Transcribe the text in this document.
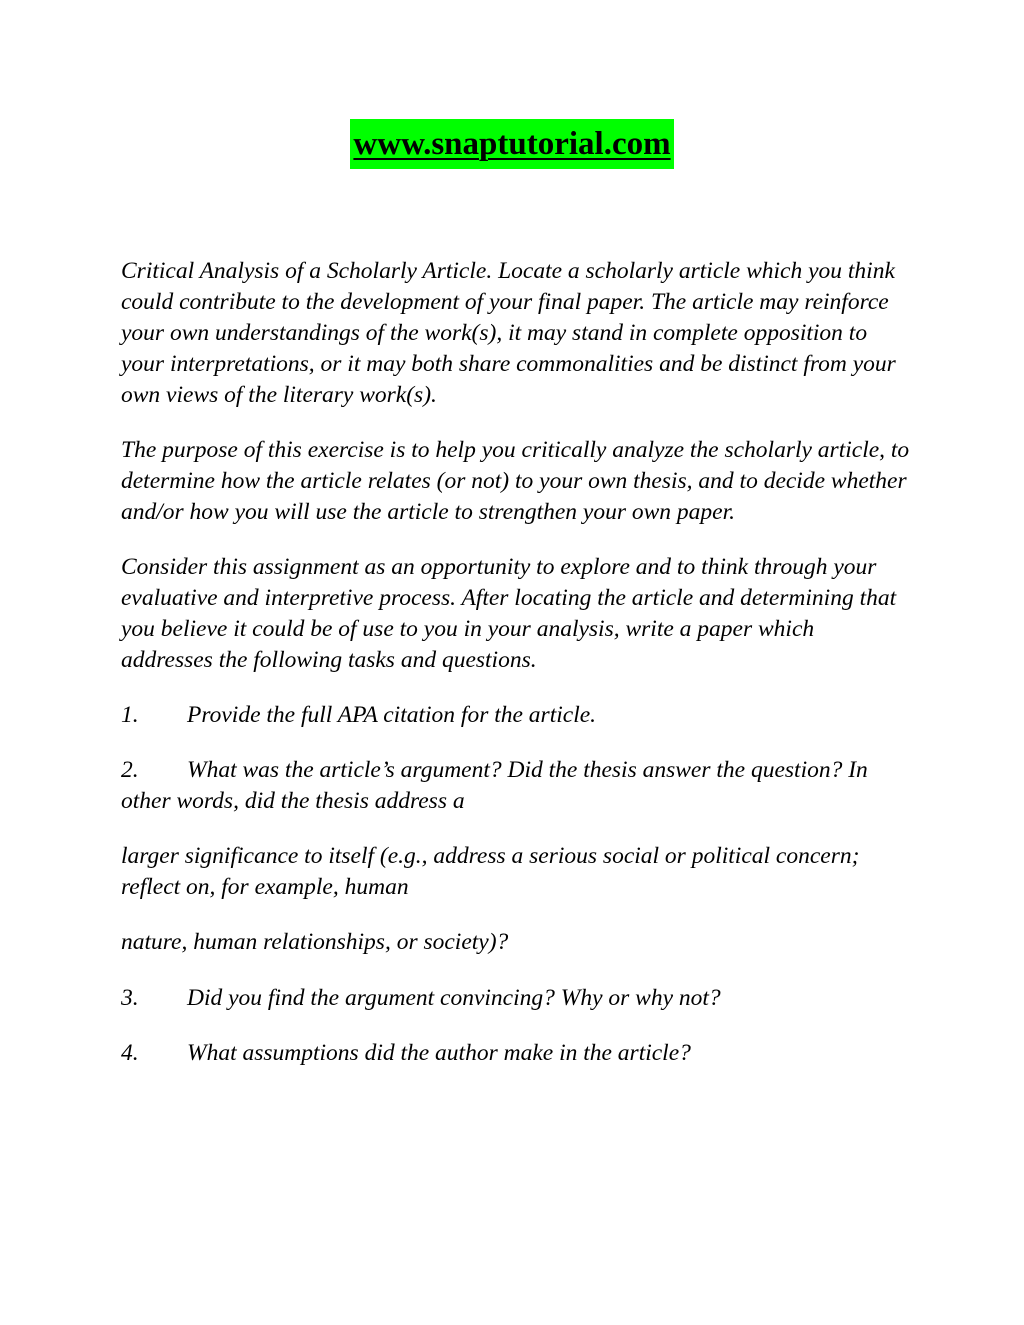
www.snaptutorial.com

Critical Analysis of a Scholarly Article. Locate a scholarly article which you think could contribute to the development of your final paper. The article may reinforce your own understandings of the work(s), it may stand in complete opposition to your interpretations, or it may both share commonalities and be distinct from your own views of the literary work(s).

The purpose of this exercise is to help you critically analyze the scholarly article, to determine how the article relates (or not) to your own thesis, and to decide whether and/or how you will use the article to strengthen your own paper.

Consider this assignment as an opportunity to explore and to think through your evaluative and interpretive process. After locating the article and determining that you believe it could be of use to you in your analysis, write a paper which addresses the following tasks and questions.

1. Provide the full APA citation for the article.

2. What was the article’s argument? Did the thesis answer the question? In other words, did the thesis address a

larger significance to itself (e.g., address a serious social or political concern; reflect on, for example, human

nature, human relationships, or society)?

3. Did you find the argument convincing? Why or why not?

4. What assumptions did the author make in the article?
